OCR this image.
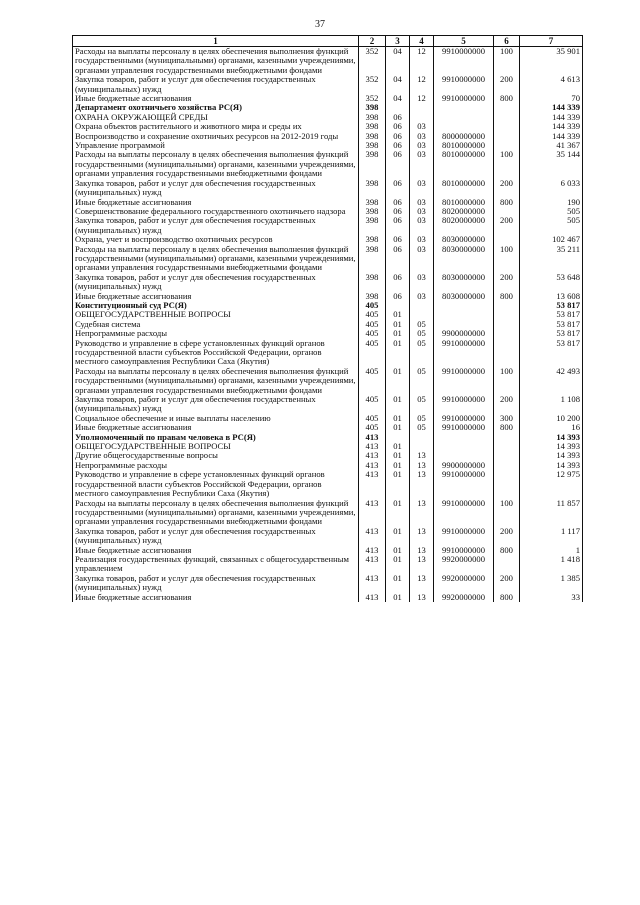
37
1	2	3	4	5	6	7
Расходы на выплаты персоналу в целях обеспечения выполнения функций государственными (муниципальными) органами, казенными учреждениями, органами управления государственными внебюджетными фондами	352	04	12	9910000000	100	35 901
Закупка товаров, работ и услуг для обеспечения государственных (муниципальных) нужд	352	04	12	9910000000	200	4 613
Иные бюджетные ассигнования	352	04	12	9910000000	800	70
Департамент охотничьего хозяйства РС(Я)	398					144 339
ОХРАНА ОКРУЖАЮЩЕЙ СРЕДЫ	398	06				144 339
Охрана объектов растительного и животного мира и среды их	398	06	03			144 339
Воспроизводство и сохранение охотничьих ресурсов на 2012-2019 годы	398	06	03	8000000000		144 339
Управление программой	398	06	03	8010000000		41 367
Расходы на выплаты персоналу в целях обеспечения выполнения функций государственными (муниципальными) органами, казенными учреждениями, органами управления государственными внебюджетными фондами	398	06	03	8010000000	100	35 144
Закупка товаров, работ и услуг для обеспечения государственных (муниципальных) нужд	398	06	03	8010000000	200	6 033
Иные бюджетные ассигнования	398	06	03	8010000000	800	190
Совершенствование федерального государственного охотничьего надзора	398	06	03	8020000000		505
Закупка товаров, работ и услуг для обеспечения государственных (муниципальных) нужд	398	06	03	8020000000	200	505
Охрана, учет и воспроизводство охотничьих ресурсов	398	06	03	8030000000		102 467
Расходы на выплаты персоналу в целях обеспечения выполнения функций государственными (муниципальными) органами, казенными учреждениями, органами управления государственными внебюджетными фондами	398	06	03	8030000000	100	35 211
Закупка товаров, работ и услуг для обеспечения государственных (муниципальных) нужд	398	06	03	8030000000	200	53 648
Иные бюджетные ассигнования	398	06	03	8030000000	800	13 608
Конституционный суд РС(Я)	405					53 817
ОБЩЕГОСУДАРСТВЕННЫЕ ВОПРОСЫ	405	01				53 817
Судебная система	405	01	05			53 817
Непрограммные расходы	405	01	05	9900000000		53 817
Руководство и управление в сфере установленных функций органов государственной власти субъектов Российской Федерации, органов местного самоуправления Республики Саха (Якутия)	405	01	05	9910000000		53 817
Расходы на выплаты персоналу в целях обеспечения выполнения функций государственными (муниципальными) органами, казенными учреждениями, органами управления государственными внебюджетными фондами	405	01	05	9910000000	100	42 493
Закупка товаров, работ и услуг для обеспечения государственных (муниципальных) нужд	405	01	05	9910000000	200	1 108
Социальное обеспечение и иные выплаты населению	405	01	05	9910000000	300	10 200
Иные бюджетные ассигнования	405	01	05	9910000000	800	16
Уполномоченный по правам человека в РС(Я)	413					14 393
ОБЩЕГОСУДАРСТВЕННЫЕ ВОПРОСЫ	413	01				14 393
Другие общегосударственные вопросы	413	01	13			14 393
Непрограммные расходы	413	01	13	9900000000		14 393
Руководство и управление в сфере установленных функций органов государственной власти субъектов Российской Федерации, органов местного самоуправления Республики Саха (Якутия)	413	01	13	9910000000		12 975
Расходы на выплаты персоналу в целях обеспечения выполнения функций государственными (муниципальными) органами, казенными учреждениями, органами управления государственными внебюджетными фондами	413	01	13	9910000000	100	11 857
Закупка товаров, работ и услуг для обеспечения государственных (муниципальных) нужд	413	01	13	9910000000	200	1 117
Иные бюджетные ассигнования	413	01	13	9910000000	800	1
Реализация государственных функций, связанных с общегосударственным управлением	413	01	13	9920000000		1 418
Закупка товаров, работ и услуг для обеспечения государственных (муниципальных) нужд	413	01	13	9920000000	200	1 385
Иные бюджетные ассигнования	413	01	13	9920000000	800	33
